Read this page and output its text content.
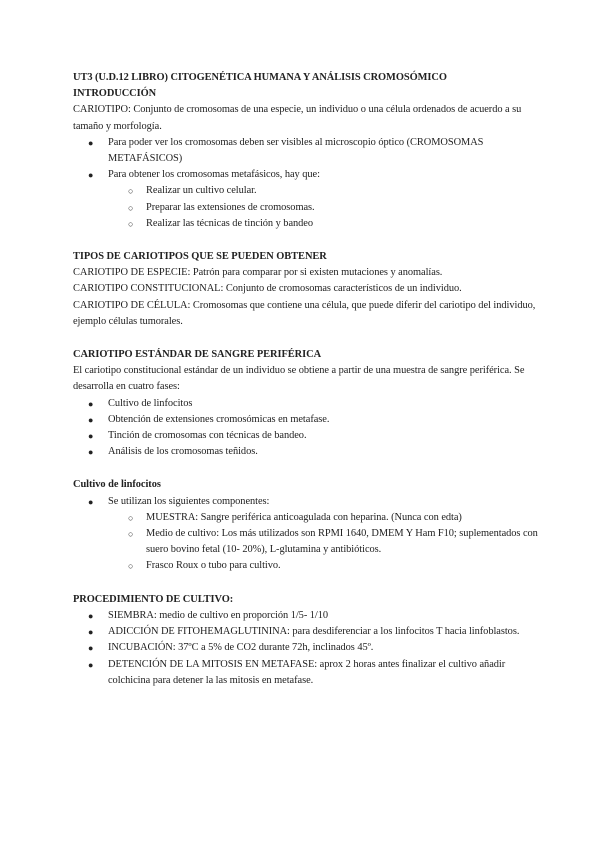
UT3 (U.D.12 LIBRO) CITOGENÉTICA HUMANA Y ANÁLISIS CROMOSÓMICO

INTRODUCCIÓN

CARIOTIPO: Conjunto de cromosomas de una especie, un individuo o una célula ordenados de acuerdo a su tamaño y morfología.

● Para poder ver los cromosomas deben ser visibles al microscopio óptico (CROMOSOMAS METAFÁSICOS)
● Para obtener los cromosomas metafásicos, hay que:
○ Realizar un cultivo celular.
○ Preparar las extensiones de cromosomas.
○ Realizar las técnicas de tinción y bandeo

TIPOS DE CARIOTIPOS QUE SE PUEDEN OBTENER

CARIOTIPO DE ESPECIE: Patrón para comparar por si existen mutaciones y anomalías.

CARIOTIPO CONSTITUCIONAL: Conjunto de cromosomas característicos de un individuo.

CARIOTIPO DE CÉLULA: Cromosomas que contiene una célula, que puede diferir del cariotipo del individuo, ejemplo células tumorales.

CARIOTIPO ESTÁNDAR DE SANGRE PERIFÉRICA

El cariotipo constitucional estándar de un individuo se obtiene a partir de una muestra de sangre periférica. Se desarrolla en cuatro fases:

● Cultivo de linfocitos
● Obtención de extensiones cromosómicas en metafase.
● Tinción de cromosomas con técnicas de bandeo.
● Análisis de los cromosomas teñidos.

Cultivo de linfocitos

● Se utilizan los siguientes componentes:
○ MUESTRA: Sangre periférica anticoagulada con heparina. (Nunca con edta)
○ Medio de cultivo: Los más utilizados son RPMI 1640, DMEM Y Ham F10; suplementados con suero bovino fetal (10- 20%), L-glutamina y antibióticos.
○ Frasco Roux o tubo para cultivo.

PROCEDIMIENTO DE CULTIVO:

● SIEMBRA: medio de cultivo en proporción 1/5- 1/10
● ADICCIÓN DE FITOHEMAGLUTININA: para desdiferenciar a los linfocitos T hacia linfoblastos.
● INCUBACIÓN: 37ºC a 5% de CO2 durante 72h, inclinados 45º.
● DETENCIÓN DE LA MITOSIS EN METAFASE: aprox 2 horas antes finalizar el cultivo añadir colchicina para detener la las mitosis en metafase.
